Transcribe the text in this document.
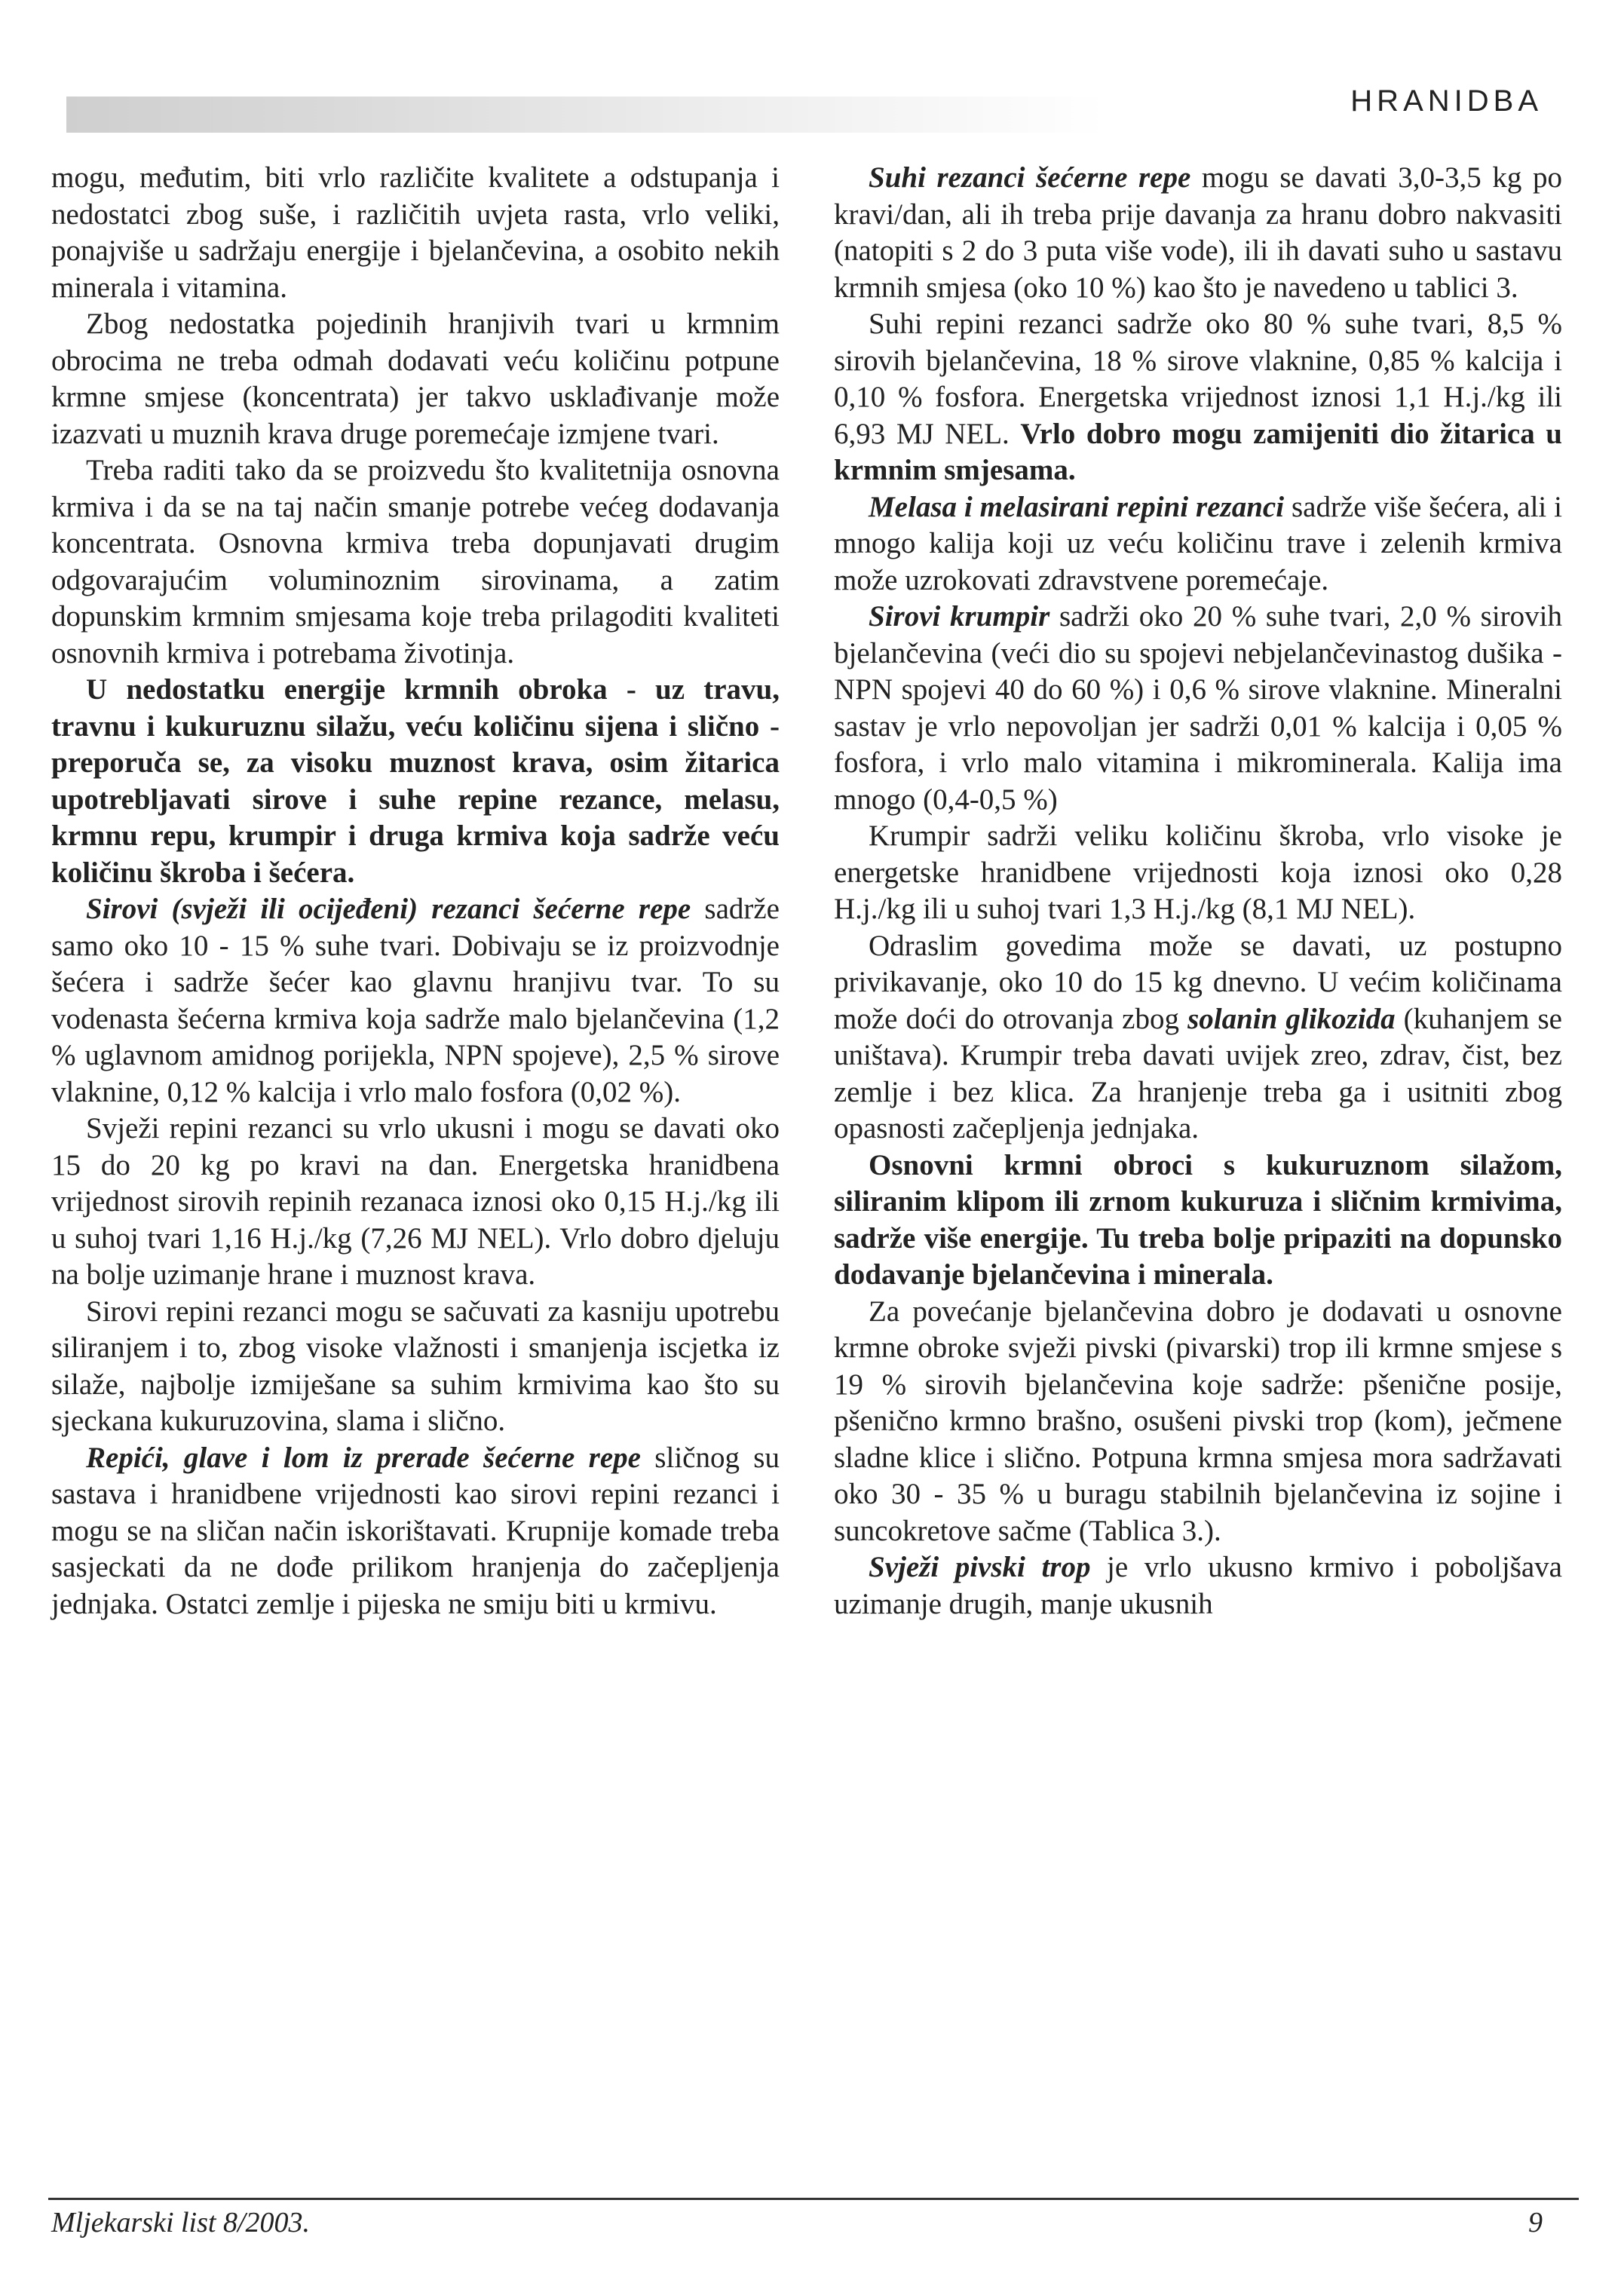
HRANIDBA

mogu, međutim, biti vrlo različite kvalitete a odstupanja i nedostatci zbog suše, i različitih uvjeta rasta, vrlo veliki, ponajviše u sadržaju energije i bjelančevina, a osobito nekih minerala i vitamina.

Zbog nedostatka pojedinih hranjivih tvari u krmnim obrocima ne treba odmah dodavati veću količinu potpune krmne smjese (koncentrata) jer takvo usklađivanje može izazvati u muznih krava druge poremećaje izmjene tvari.

Treba raditi tako da se proizvedu što kvalitetnija osnovna krmiva i da se na taj način smanje potrebe većeg dodavanja koncentrata. Osnovna krmiva treba dopunjavati drugim odgovarajućim voluminoznim sirovinama, a zatim dopunskim krmnim smjesama koje treba prilagoditi kvaliteti osnovnih krmiva i potrebama životinja.

U nedostatku energije krmnih obroka - uz travu, travnu i kukuruznu silažu, veću količinu sijena i slično - preporuča se, za visoku muznost krava, osim žitarica upotrebljavati sirove i suhe repine rezance, melasu, krmnu repu, krumpir i druga krmiva koja sadrže veću količinu škroba i šećera.

Sirovi (svježi ili ocijeđeni) rezanci šećerne repe sadrže samo oko 10 - 15 % suhe tvari. Dobivaju se iz proizvodnje šećera i sadrže šećer kao glavnu hranjivu tvar. To su vodenasta šećerna krmiva koja sadrže malo bjelančevina (1,2 % uglavnom amidnog porijekla, NPN spojeve), 2,5 % sirove vlaknine, 0,12 % kalcija i vrlo malo fosfora (0,02 %).

Svježi repini rezanci su vrlo ukusni i mogu se davati oko 15 do 20 kg po kravi na dan. Energetska hranidbena vrijednost sirovih repinih rezanaca iznosi oko 0,15 H.j./kg ili u suhoj tvari 1,16 H.j./kg (7,26 MJ NEL). Vrlo dobro djeluju na bolje uzimanje hrane i muznost krava.

Sirovi repini rezanci mogu se sačuvati za kasniju upotrebu siliranjem i to, zbog visoke vlažnosti i smanjenja iscjetka iz silaže, najbolje izmiješane sa suhim krmivima kao što su sjeckana kukuruzovina, slama i slično.

Repići, glave i lom iz prerade šećerne repe sličnog su sastava i hranidbene vrijednosti kao sirovi repini rezanci i mogu se na sličan način iskorištavati. Krupnije komade treba sasjeckati da ne dođe prilikom hranjenja do začepljenja jednjaka. Ostatci zemlje i pijeska ne smiju biti u krmivu.

Suhi rezanci šećerne repe mogu se davati 3,0-3,5 kg po kravi/dan, ali ih treba prije davanja za hranu dobro nakvasiti (natopiti s 2 do 3 puta više vode), ili ih davati suho u sastavu krmnih smjesa (oko 10 %) kao što je navedeno u tablici 3.

Suhi repini rezanci sadrže oko 80 % suhe tvari, 8,5 % sirovih bjelančevina, 18 % sirove vlaknine, 0,85 % kalcija i 0,10 % fosfora. Energetska vrijednost iznosi 1,1 H.j./kg ili 6,93 MJ NEL. Vrlo dobro mogu zamijeniti dio žitarica u krmnim smjesama.

Melasa i melasirani repini rezanci sadrže više šećera, ali i mnogo kalija koji uz veću količinu trave i zelenih krmiva može uzrokovati zdravstvene poremećaje.

Sirovi krumpir sadrži oko 20 % suhe tvari, 2,0 % sirovih bjelančevina (veći dio su spojevi nebjelančevinastog dušika - NPN spojevi 40 do 60 %) i 0,6 % sirove vlaknine. Mineralni sastav je vrlo nepovoljan jer sadrži 0,01 % kalcija i 0,05 % fosfora, i vrlo malo vitamina i mikrominerala. Kalija ima mnogo (0,4-0,5 %)

Krumpir sadrži veliku količinu škroba, vrlo visoke je energetske hranidbene vrijednosti koja iznosi oko 0,28 H.j./kg ili u suhoj tvari 1,3 H.j./kg (8,1 MJ NEL).

Odraslim govedima može se davati, uz postupno privikavanje, oko 10 do 15 kg dnevno. U većim količinama može doći do otrovanja zbog solanin glikozida (kuhanjem se uništava). Krumpir treba davati uvijek zreo, zdrav, čist, bez zemlje i bez klica. Za hranjenje treba ga i usitniti zbog opasnosti začepljenja jednjaka.

Osnovni krmni obroci s kukuruznom silažom, siliranim klipom ili zrnom kukuruza i sličnim krmivima, sadrže više energije. Tu treba bolje pripaziti na dopunsko dodavanje bjelančevina i minerala.

Za povećanje bjelančevina dobro je dodavati u osnovne krmne obroke svježi pivski (pivarski) trop ili krmne smjese s 19 % sirovih bjelančevina koje sadrže: pšenične posije, pšenično krmno brašno, osušeni pivski trop (kom), ječmene sladne klice i slično. Potpuna krmna smjesa mora sadržavati oko 30 - 35 % u buragu stabilnih bjelančevina iz sojine i suncokretove sačme (Tablica 3.).

Svježi pivski trop je vrlo ukusno krmivo i poboljšava uzimanje drugih, manje ukusnih

Mljekarski list 8/2003.	9
